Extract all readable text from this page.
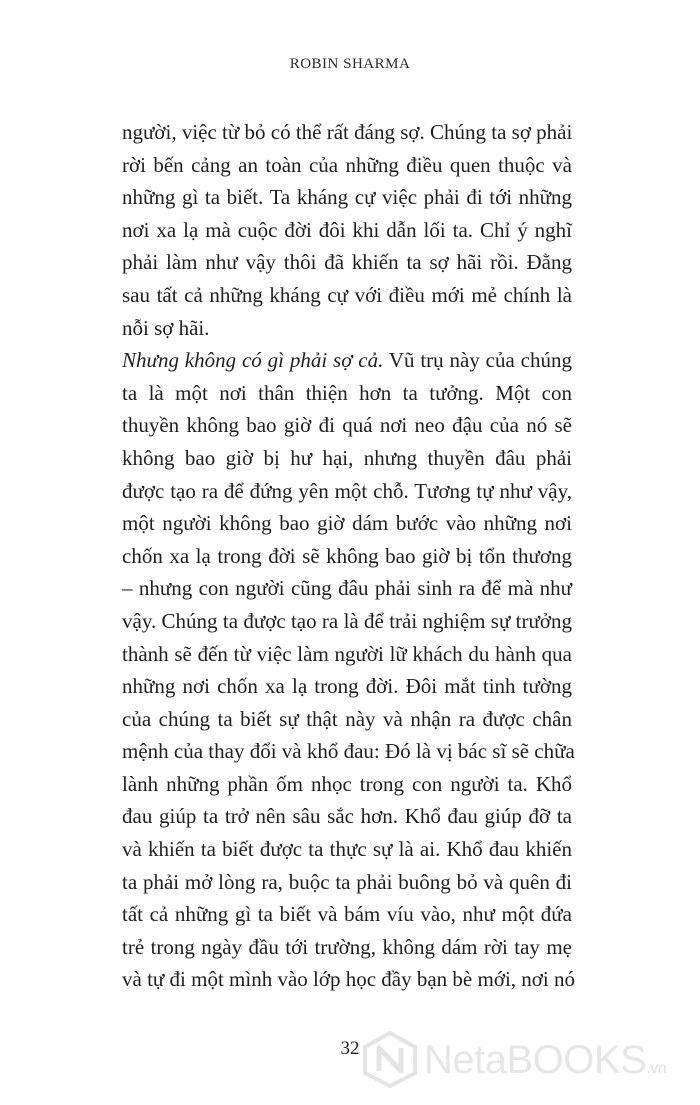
ROBIN SHARMA
người, việc từ bỏ có thể rất đáng sợ. Chúng ta sợ phải
rời bến cảng an toàn của những điều quen thuộc và
những gì ta biết. Ta kháng cự việc phải đi tới những
nơi xa lạ mà cuộc đời đôi khi dẫn lối ta. Chỉ ý nghĩ
phải làm như vậy thôi đã khiến ta sợ hãi rồi. Đằng
sau tất cả những kháng cự với điều mới mẻ chính là
nỗi sợ hãi.
Nhưng không có gì phải sợ cả. Vũ trụ này của chúng
ta là một nơi thân thiện hơn ta tưởng. Một con
thuyền không bao giờ đi quá nơi neo đậu của nó sẽ
không bao giờ bị hư hại, nhưng thuyền đâu phải
được tạo ra để đứng yên một chỗ. Tương tự như vậy,
một người không bao giờ dám bước vào những nơi
chốn xa lạ trong đời sẽ không bao giờ bị tổn thương
– nhưng con người cũng đâu phải sinh ra để mà như
vậy. Chúng ta được tạo ra là để trải nghiệm sự trưởng
thành sẽ đến từ việc làm người lữ khách du hành qua
những nơi chốn xa lạ trong đời. Đôi mắt tinh tường
của chúng ta biết sự thật này và nhận ra được chân
mệnh của thay đổi và khổ đau: Đó là vị bác sĩ sẽ chữa
lành những phần ốm nhọc trong con người ta. Khổ
đau giúp ta trở nên sâu sắc hơn. Khổ đau giúp đỡ ta
và khiến ta biết được ta thực sự là ai. Khổ đau khiến
ta phải mở lòng ra, buộc ta phải buông bỏ và quên đi
tất cả những gì ta biết và bám víu vào, như một đứa
trẻ trong ngày đầu tới trường, không dám rời tay mẹ
và tự đi một mình vào lớp học đầy bạn bè mới, nơi nó
32	NetaBOOKS.vn
